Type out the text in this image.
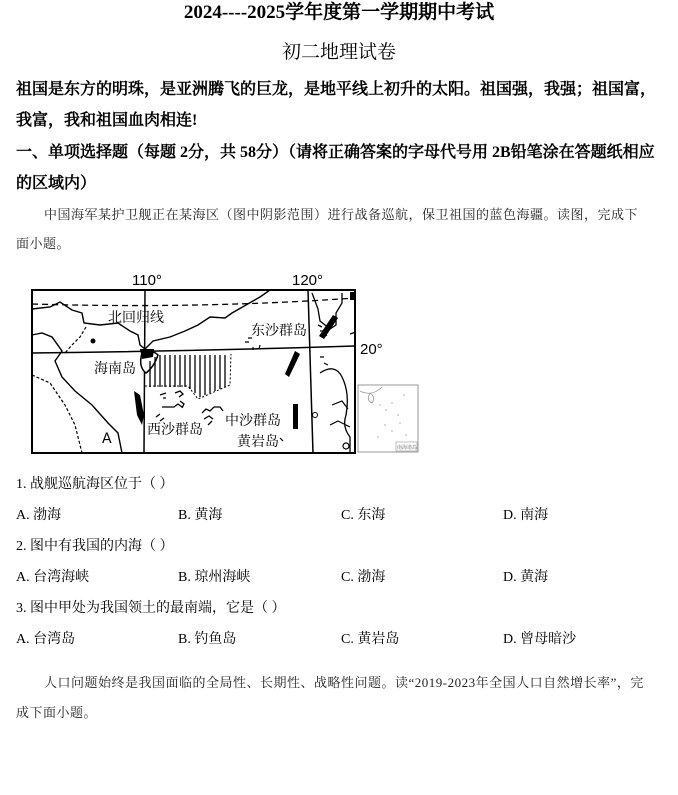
2024----2025学年度第一学期期中考试
初二地理试卷
祖国是东方的明珠，是亚洲腾飞的巨龙，是地平线上初升的太阳。祖国强，我强；祖国富，
我富，我和祖国血肉相连!
一、单项选择题（每题 2分，共 58分）（请将正确答案的字母代号用 2B铅笔涂在答题纸相应
的区域内）
中国海军某护卫舰正在某海区（图中阴影范围）进行战备巡航，保卫祖国的蓝色海疆。读图，完成下
面小题。
110°	120°
20°
北回归线
海南岛
东沙群岛
西沙群岛
中沙群岛
黄岩岛
A
南海诸岛
1. 战舰巡航海区位于（ ）
A. 渤海	B. 黄海	C. 东海	D. 南海
2. 图中有我国的内海（ ）
A. 台湾海峡	B. 琼州海峡	C. 渤海	D. 黄海
3. 图中甲处为我国领土的最南端，它是（ ）
A. 台湾岛	B. 钓鱼岛	C. 黄岩岛	D. 曾母暗沙
人口问题始终是我国面临的全局性、长期性、战略性问题。读“2019-2023年全国人口自然增长率”，完
成下面小题。
